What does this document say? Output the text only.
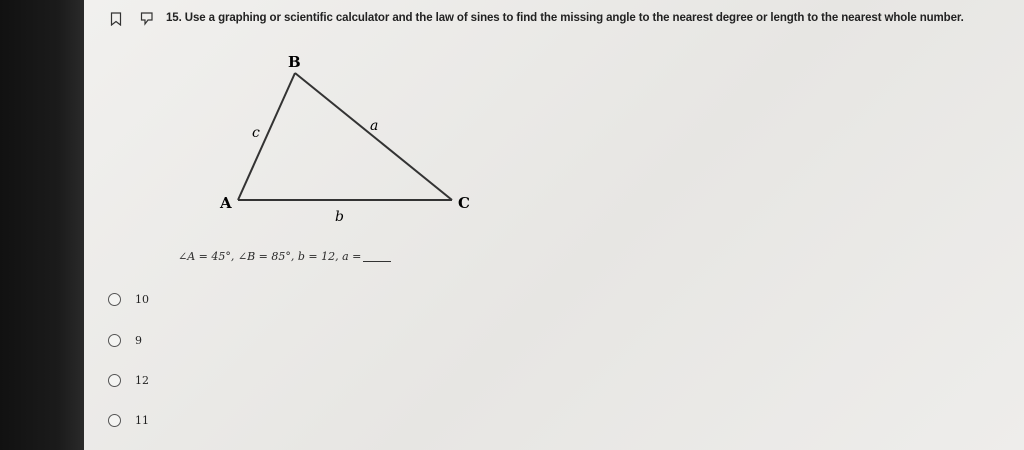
15. Use a graphing or scientific calculator and the law of sines to find the missing angle to the nearest degree or length to the nearest whole number.
B
A	C
c	a
b
∠A = 45°, ∠B = 85°, b = 12, a =
10
9
12
11
